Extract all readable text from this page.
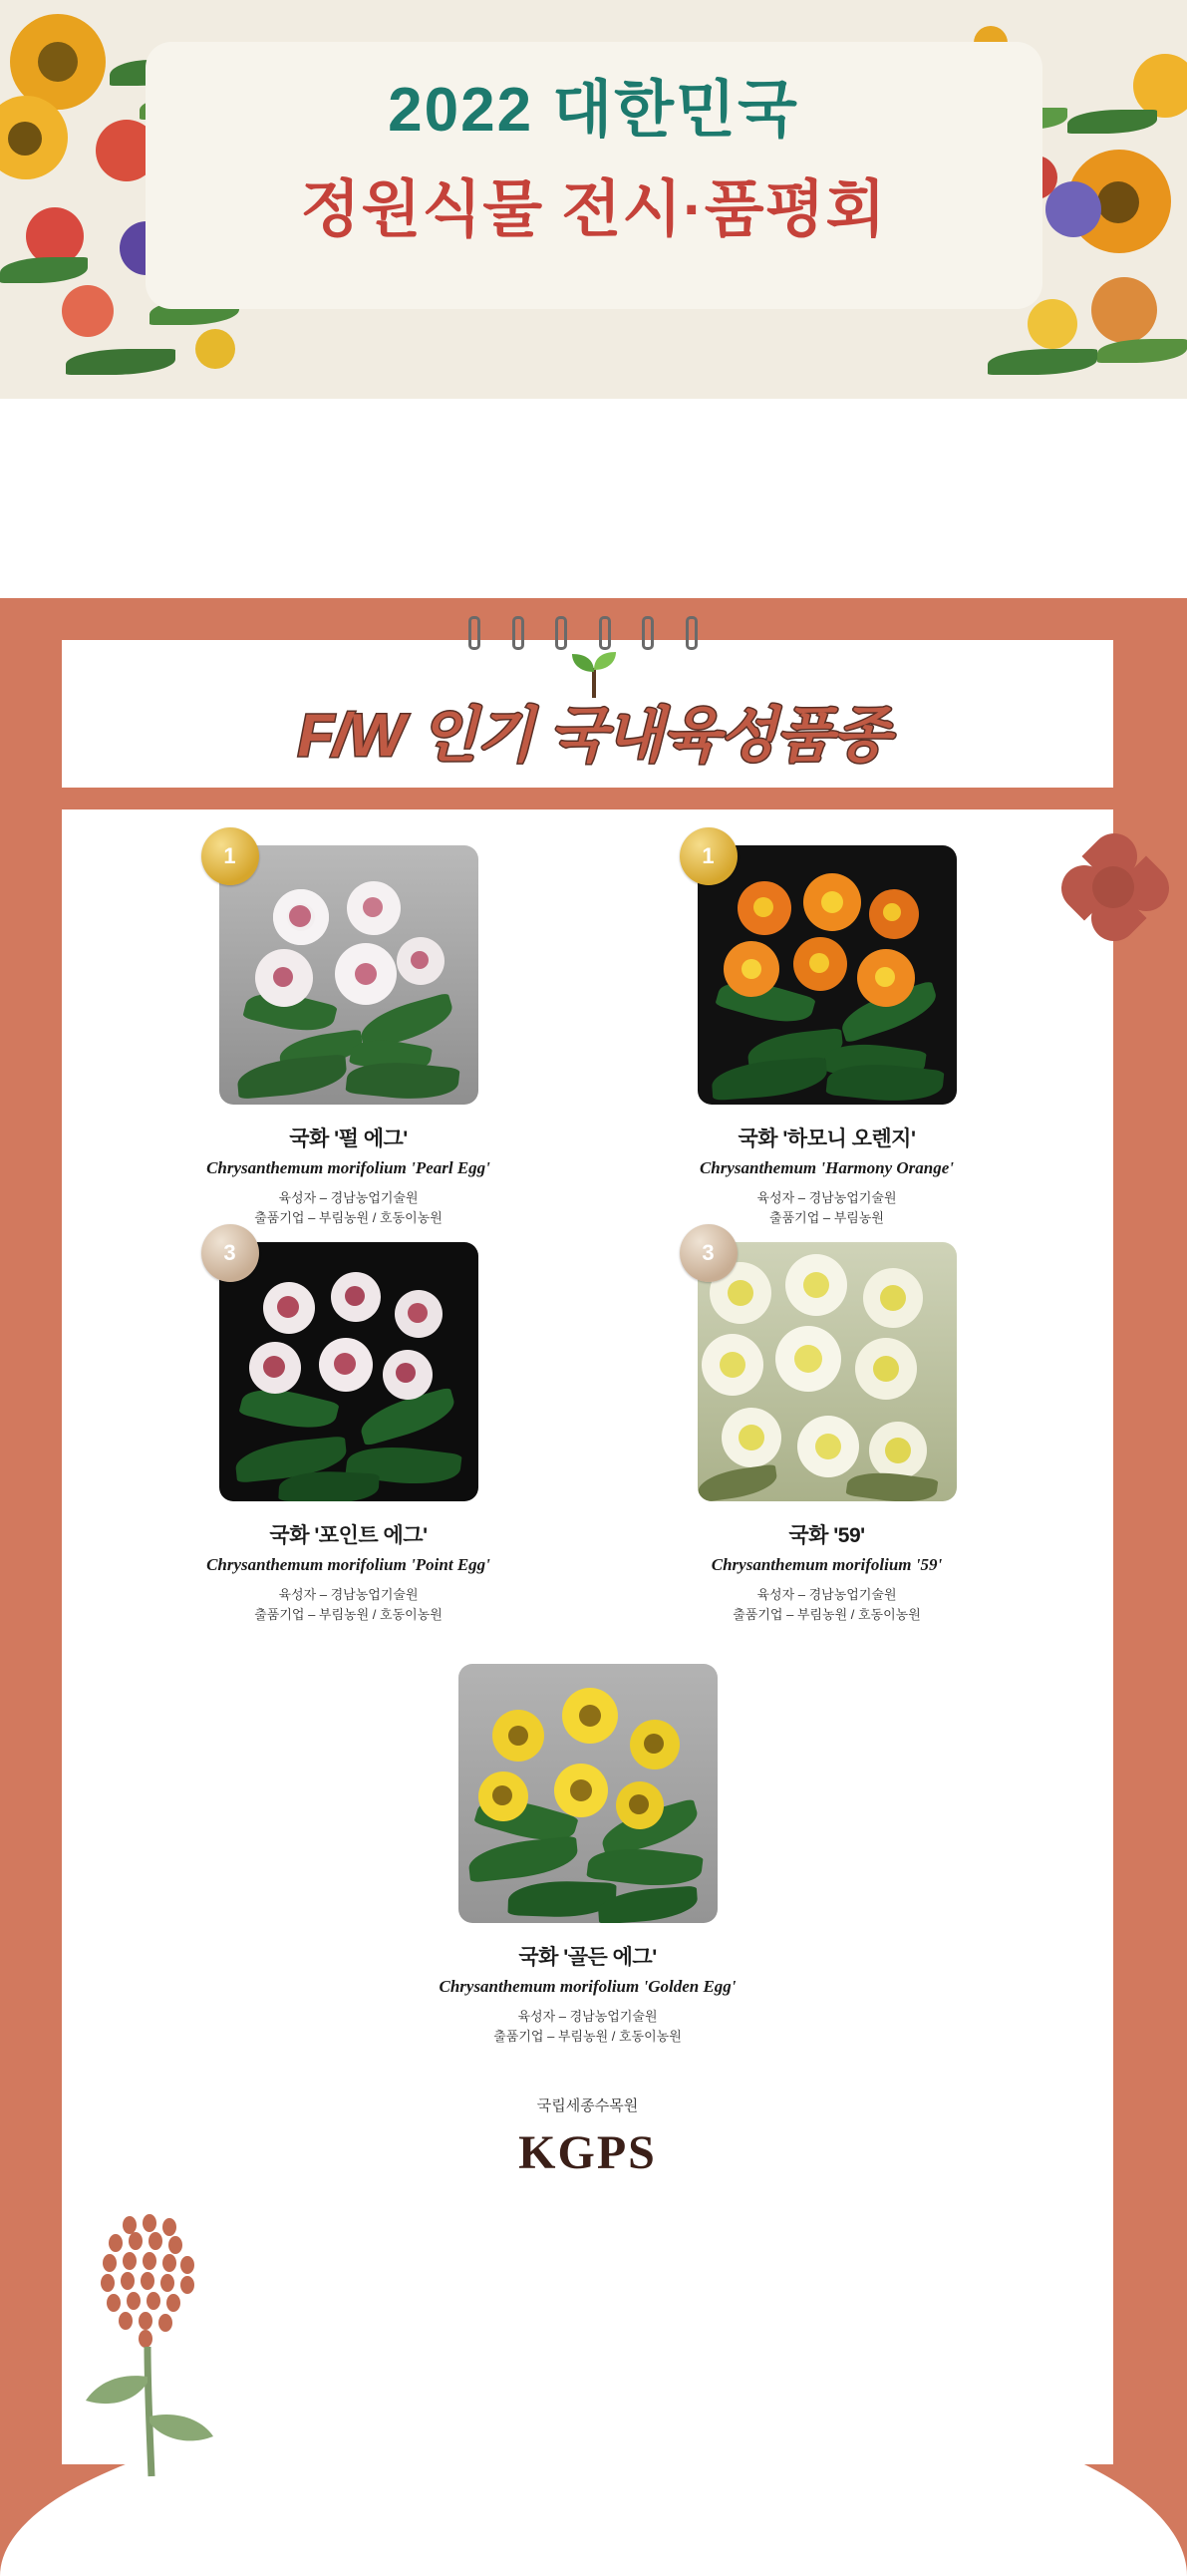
2022 대한민국
정원식물 전시·품평회
F/W 인기 국내육성품종
1
국화 '펄 에그'
Chrysanthemum morifolium 'Pearl Egg'
육성자 – 경남농업기술원
출품기업 – 부림농원 / 호동이농원
1
국화 '하모니 오렌지'
Chrysanthemum 'Harmony Orange'
육성자 – 경남농업기술원
출품기업 – 부림농원
3
국화 '포인트 에그'
Chrysanthemum morifolium 'Point Egg'
육성자 – 경남농업기술원
출품기업 – 부림농원 / 호동이농원
3
국화 '59'
Chrysanthemum morifolium '59'
육성자 – 경남농업기술원
출품기업 – 부림농원 / 호동이농원
국화 '골든 에그'
Chrysanthemum morifolium 'Golden Egg'
육성자 – 경남농업기술원
출품기업 – 부림농원 / 호동이농원
국립세종수목원
KGPS
